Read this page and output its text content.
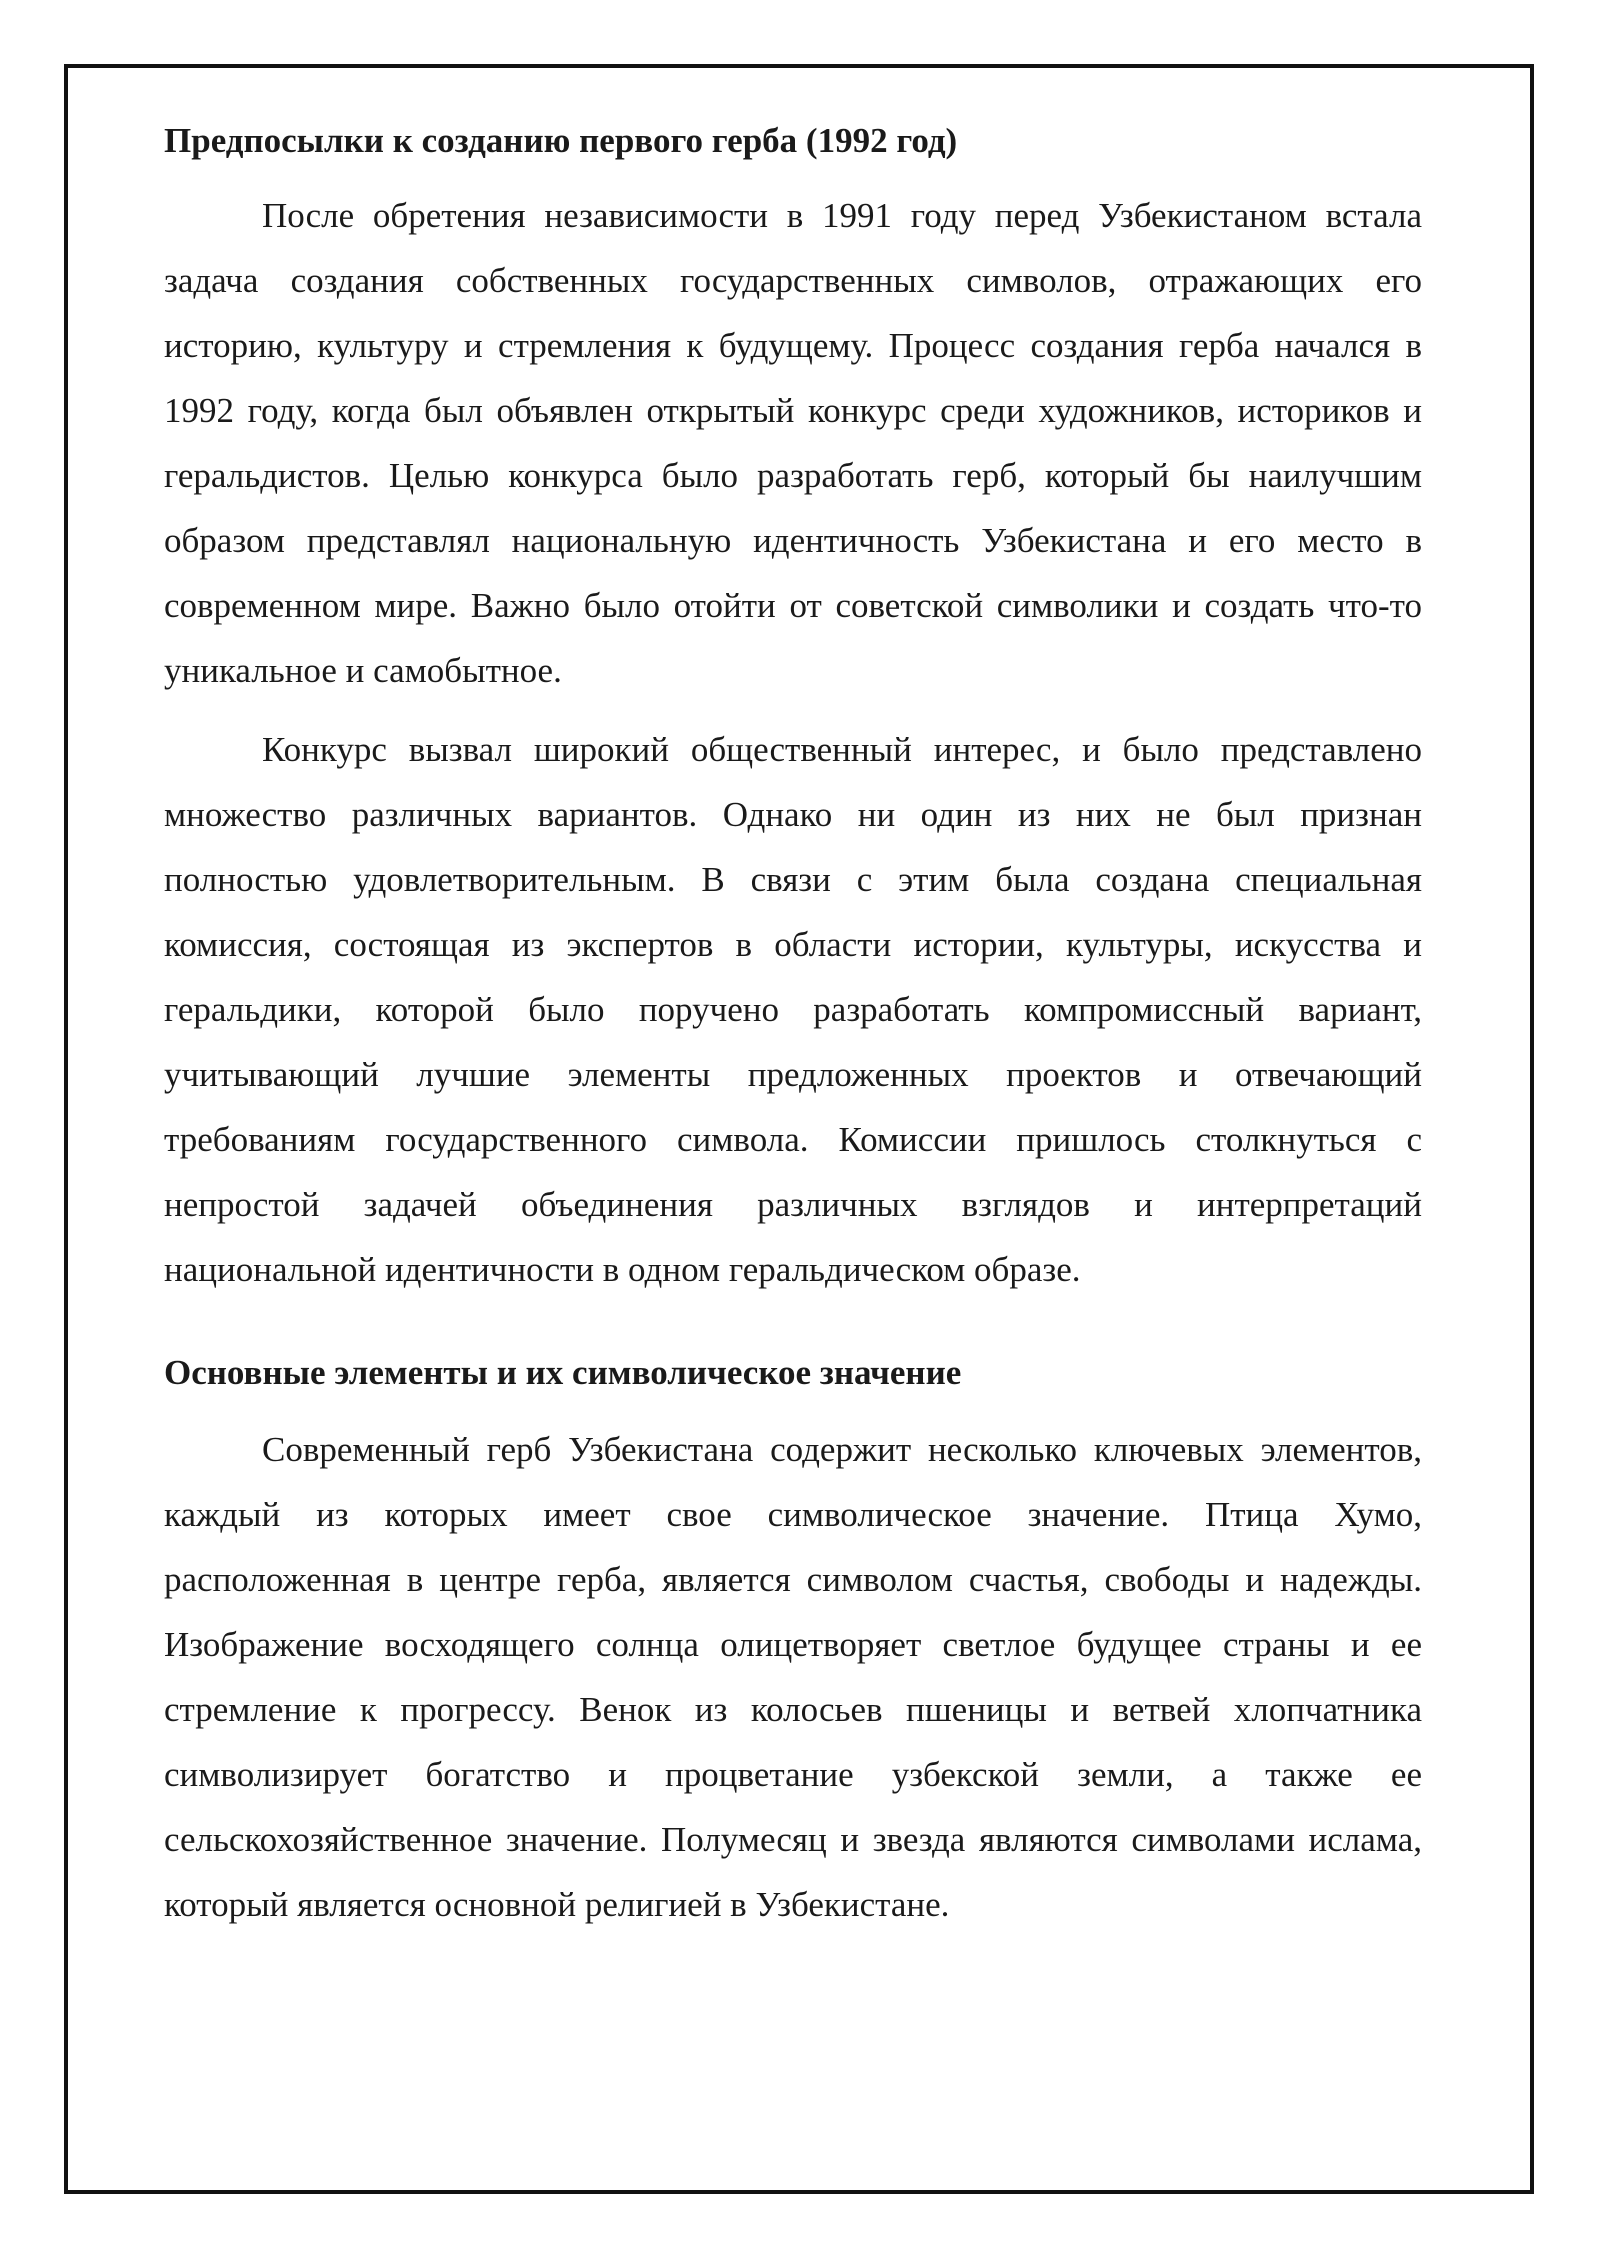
Предпосылки к созданию первого герба (1992 год)

После обретения независимости в 1991 году перед Узбекистаном встала задача создания собственных государственных символов, отражающих его историю, культуру и стремления к будущему. Процесс создания герба начался в 1992 году, когда был объявлен открытый конкурс среди художников, историков и геральдистов. Целью конкурса было разработать герб, который бы наилучшим образом представлял национальную идентичность Узбекистана и его место в современном мире. Важно было отойти от советской символики и создать что-то уникальное и самобытное.

Конкурс вызвал широкий общественный интерес, и было представлено множество различных вариантов. Однако ни один из них не был признан полностью удовлетворительным. В связи с этим была создана специальная комиссия, состоящая из экспертов в области истории, культуры, искусства и геральдики, которой было поручено разработать компромиссный вариант, учитывающий лучшие элементы предложенных проектов и отвечающий требованиям государственного символа. Комиссии пришлось столкнуться с непростой задачей объединения различных взглядов и интерпретаций национальной идентичности в одном геральдическом образе.

Основные элементы и их символическое значение

Современный герб Узбекистана содержит несколько ключевых элементов, каждый из которых имеет свое символическое значение. Птица Хумо, расположенная в центре герба, является символом счастья, свободы и надежды. Изображение восходящего солнца олицетворяет светлое будущее страны и ее стремление к прогрессу. Венок из колосьев пшеницы и ветвей хлопчатника символизирует богатство и процветание узбекской земли, а также ее сельскохозяйственное значение. Полумесяц и звезда являются символами ислама, который является основной религией в Узбекистане.
